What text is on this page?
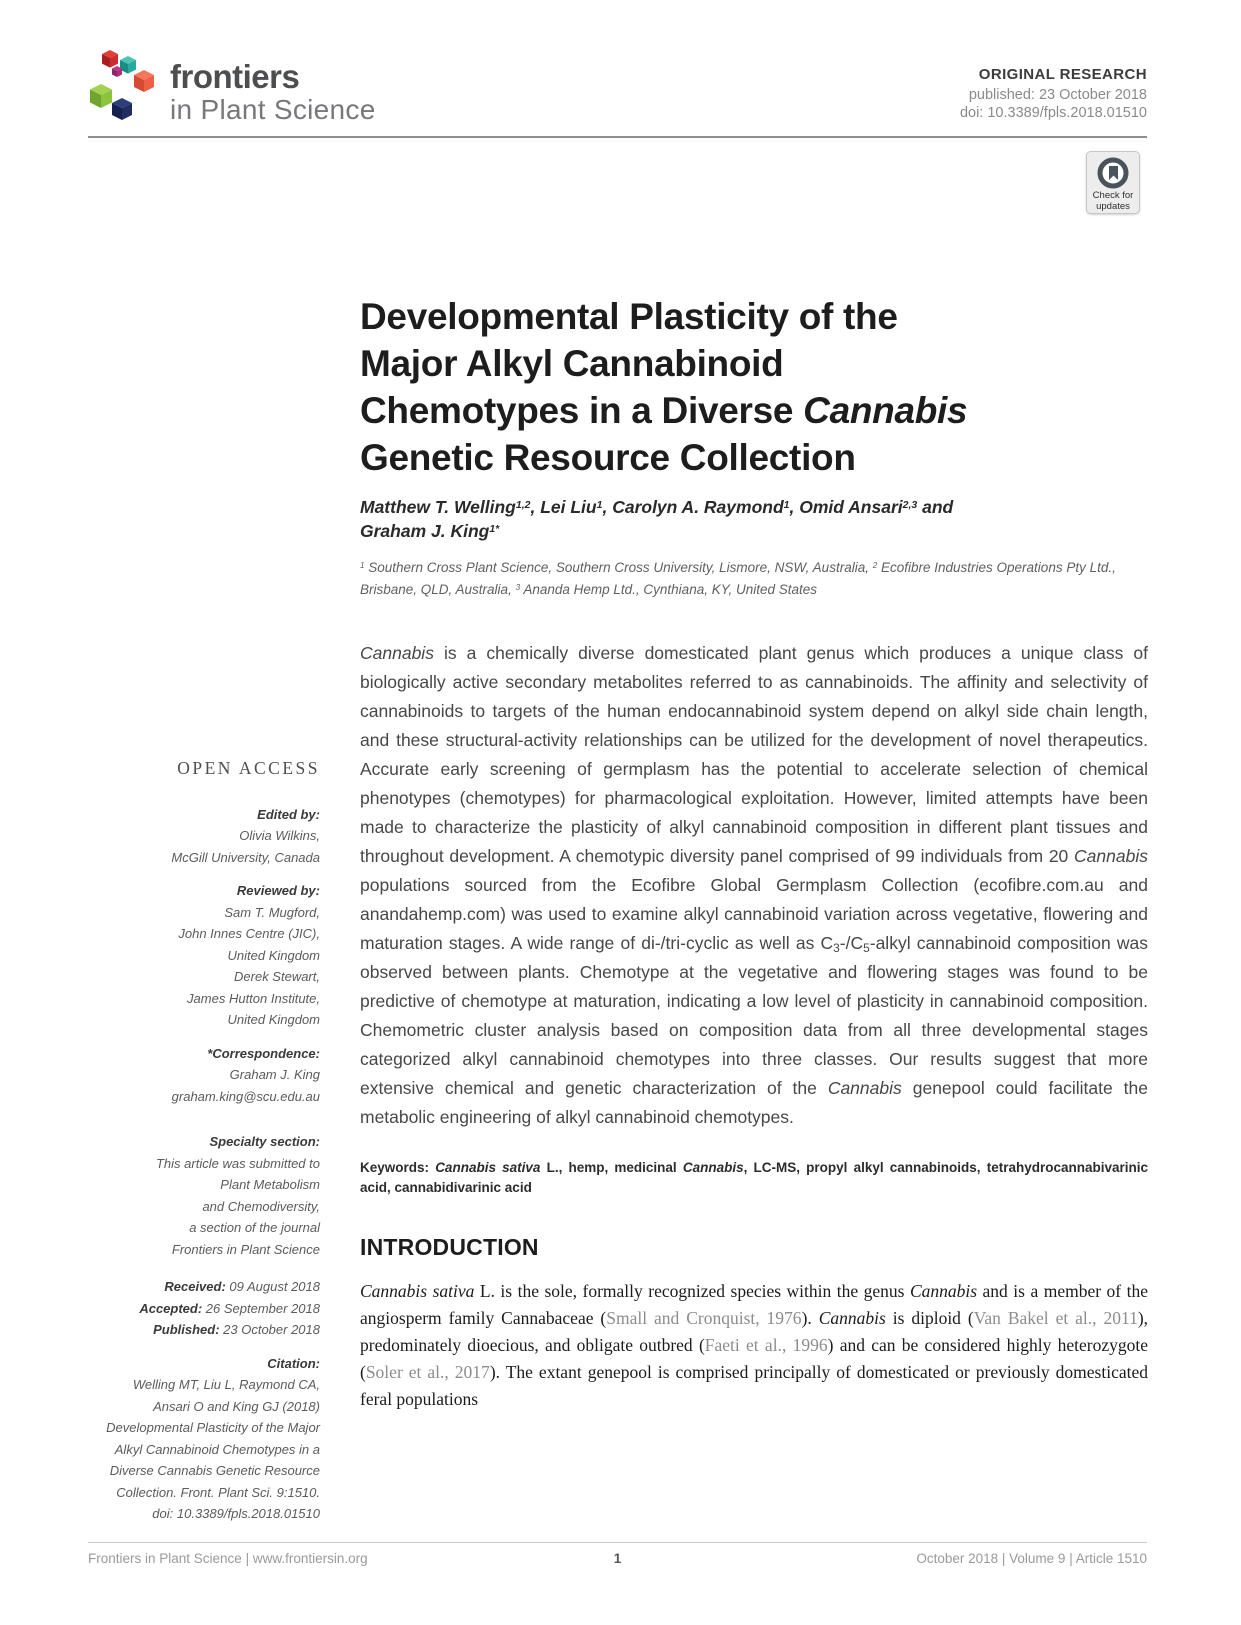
frontiers
in Plant Science
ORIGINAL RESEARCH
published: 23 October 2018
doi: 10.3389/fpls.2018.01510
Check for
updates
OPEN ACCESS
Edited by:
Olivia Wilkins,
McGill University, Canada
Reviewed by:
Sam T. Mugford,
John Innes Centre (JIC),
United Kingdom
Derek Stewart,
James Hutton Institute,
United Kingdom
*Correspondence:
Graham J. King
graham.king@scu.edu.au
Specialty section:
This article was submitted to
Plant Metabolism
and Chemodiversity,
a section of the journal
Frontiers in Plant Science
Received: 09 August 2018
Accepted: 26 September 2018
Published: 23 October 2018
Citation:
Welling MT, Liu L, Raymond CA,
Ansari O and King GJ (2018)
Developmental Plasticity of the Major
Alkyl Cannabinoid Chemotypes in a
Diverse Cannabis Genetic Resource
Collection. Front. Plant Sci. 9:1510.
doi: 10.3389/fpls.2018.01510
Developmental Plasticity of the
Major Alkyl Cannabinoid
Chemotypes in a Diverse Cannabis
Genetic Resource Collection
Matthew T. Welling$^{1,2}$, Lei Liu$^1$, Carolyn A. Raymond$^1$, Omid Ansari$^{2,3}$ and
Graham J. King$^{1*}$
$^1$ Southern Cross Plant Science, Southern Cross University, Lismore, NSW, Australia, $^2$ Ecofibre Industries Operations Pty Ltd., Brisbane, QLD, Australia, $^3$ Ananda Hemp Ltd., Cynthiana, KY, United States
Cannabis is a chemically diverse domesticated plant genus which produces a unique class of biologically active secondary metabolites referred to as cannabinoids. The affinity and selectivity of cannabinoids to targets of the human endocannabinoid system depend on alkyl side chain length, and these structural-activity relationships can be utilized for the development of novel therapeutics. Accurate early screening of germplasm has the potential to accelerate selection of chemical phenotypes (chemotypes) for pharmacological exploitation. However, limited attempts have been made to characterize the plasticity of alkyl cannabinoid composition in different plant tissues and throughout development. A chemotypic diversity panel comprised of 99 individuals from 20 Cannabis populations sourced from the Ecofibre Global Germplasm Collection (ecofibre.com.au and anandahemp.com) was used to examine alkyl cannabinoid variation across vegetative, flowering and maturation stages. A wide range of di-/tri-cyclic as well as $C_3-/C_5$-alkyl cannabinoid composition was observed between plants. Chemotype at the vegetative and flowering stages was found to be predictive of chemotype at maturation, indicating a low level of plasticity in cannabinoid composition. Chemometric cluster analysis based on composition data from all three developmental stages categorized alkyl cannabinoid chemotypes into three classes. Our results suggest that more extensive chemical and genetic characterization of the Cannabis genepool could facilitate the metabolic engineering of alkyl cannabinoid chemotypes.
Keywords: Cannabis sativa L., hemp, medicinal Cannabis, LC-MS, propyl alkyl cannabinoids, tetrahydrocannabivarinic acid, cannabidivarinic acid
INTRODUCTION
Cannabis sativa L. is the sole, formally recognized species within the genus Cannabis and is a member of the angiosperm family Cannabaceae (Small and Cronquist, 1976). Cannabis is diploid (Van Bakel et al., 2011), predominately dioecious, and obligate outbred (Faeti et al., 1996) and can be considered highly heterozygote (Soler et al., 2017). The extant genepool is comprised principally of domesticated or previously domesticated feral populations
Frontiers in Plant Science | www.frontiersin.org	1	October 2018 | Volume 9 | Article 1510
